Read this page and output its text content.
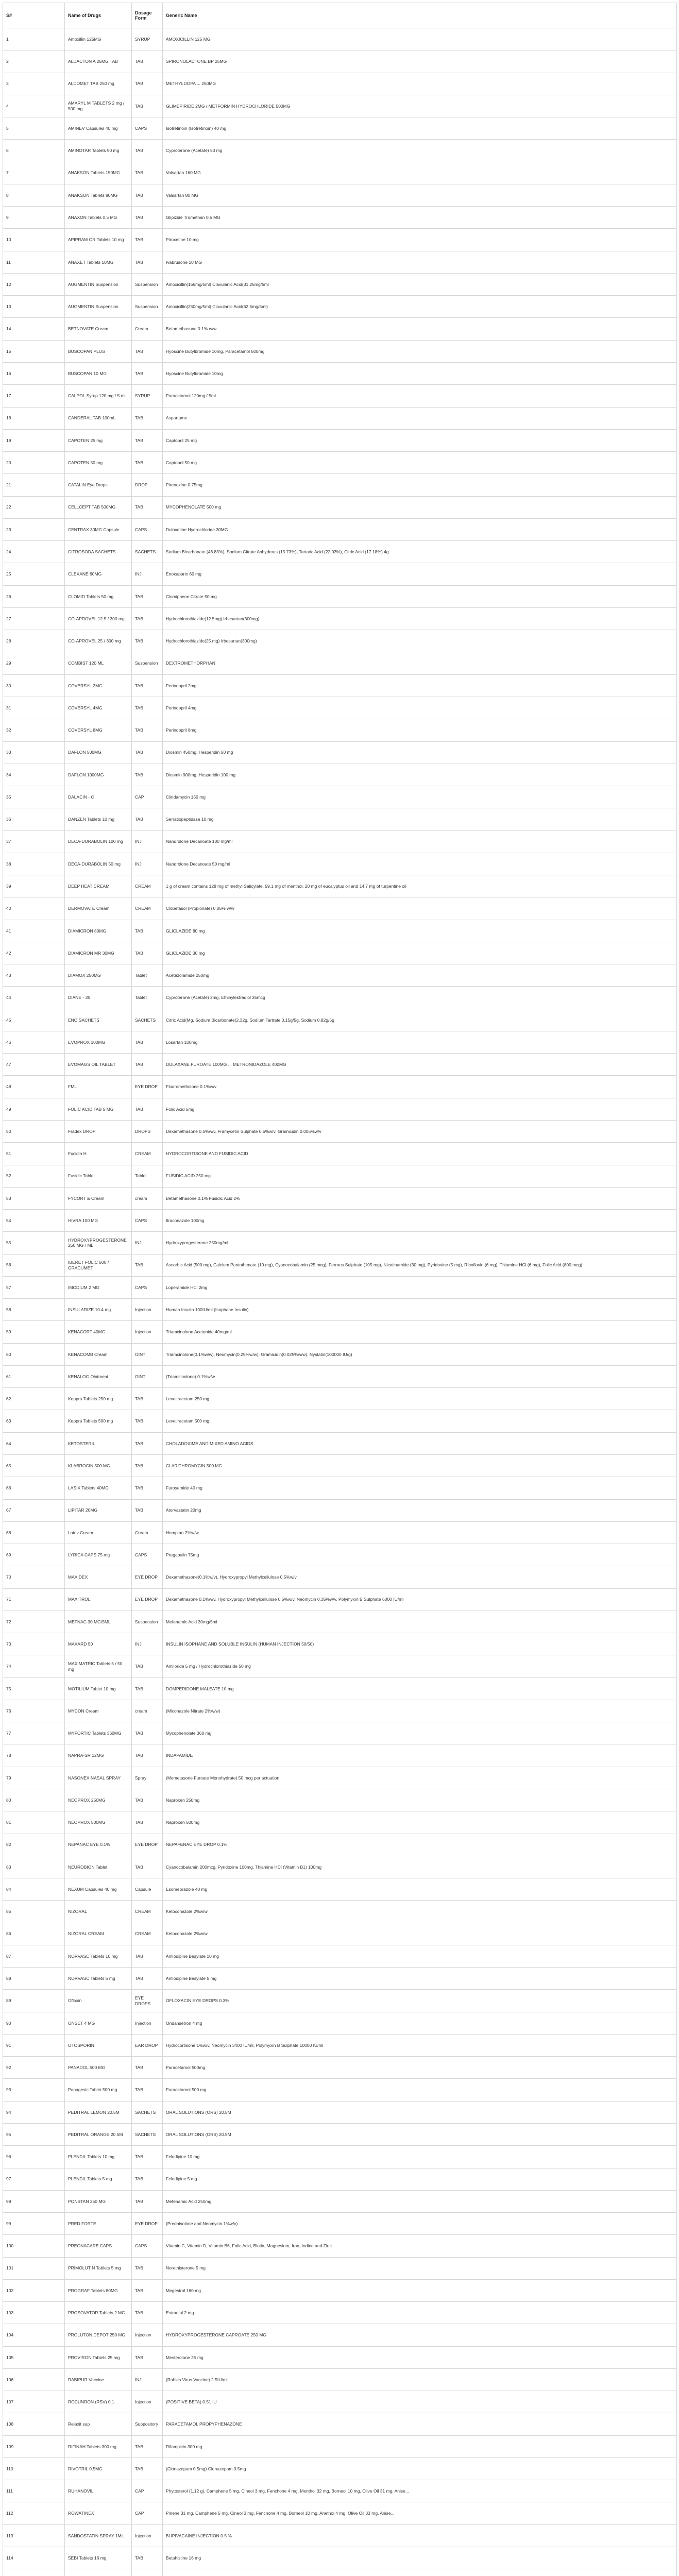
S#	Name of Drugs	Dosage Form	Generic Name
1	Amoxillin 125MG	SYRUP	AMOXICILLIN 125 MG
2	ALDACTON A 25MG TAB	TAB	SPIRONOLACTONE BP 25MG
3	ALDOMET TAB 250 mg	TAB	METHYLDOPA ... 250MG
4	AMARYL M TABLETS 2 mg / 500 mg	TAB	GLIMEPIRIDE 2MG / METFORMIN HYDROCHLORIDE 500MG
5	AMINEV Capsules 40 mg	CAPS	Isotretinoin (Isotretinoin) 40 mg
6	AMINOTAR Tablets 50 mg	TAB	Cyproterone (Acetate) 50 mg
7	ANAKSON Tablets 150MG	TAB	Valsartan 160 MG
8	ANAKSON Tablets 80MG	TAB	Valsartan 80 MG
9	ANAXON Tablets 0.5 MG	TAB	Glipizide Tromethan 0.5 MG
10	APIPRAM OR Tablets 10 mg	TAB	Piroxetine 10 mg
11	ANAXET Tablets 10MG	TAB	Ivabrusone 10 MG
12	AUGMENTIN Suspension	Suspension	Amoxicillin(156mg/5ml) Clavulanic Acid(31.25mg/5ml
13	AUGMENTIN Suspension	Suspension	Amoxicillin(250mg/5ml) Clavulanic Acid(62.5mg/5ml)
14	BETNOVATE Cream	Cream	Betamethasone 0.1% w/w
15	BUSCOPAN PLUS	TAB	Hyoscine Butylbromide 10mg, Paracetamol 500mg
16	BUSCOPAN 10 MG	TAB	Hyoscine Butylbromide 10mg
17	CALPOL Syrup 120 mg / 5 ml	SYRUP	Paracetamol 120mg / 5ml
18	CANDERAL TAB 100mL	TAB	Aspartame
19	CAPOTEN 25 mg	TAB	Captopril 25 mg
20	CAPOTEN 50 mg	TAB	Captopril 50 mg
21	CATALIN Eye Drops	DROP	Pirenoxine 0.75mg
22	CELLCEPT TAB 500MG	TAB	MYCOPHENOLATE 500 mg
23	CENTRAX 30MG Capsule	CAPS	Duloxetine Hydrochloride 30MG
24	CITROSODA SACHETS	SACHETS	Sodium Bicarbonate (46.83%), Sodium Citrate Anhydrous (15.73%), Tartaric Acid (22.03%), Citric Acid (17.18%) 4g
25	CLEXANE 60MG	INJ	Enoxaparin 60 mg
26	CLOMID Tablets 50 mg	TAB	Clomiphene Citrate 50 mg
27	CO-APROVEL 12.5 / 300 mg	TAB	Hydrochlorothiazide(12.5mg) Irbesartan(300mg)
28	CO-APROVEL 25 / 300 mg	TAB	Hydrochlorothiazide(25 mg) Irbesartan(300mg)
29	COMBIST 120 ML	Suspension	DEXTROMETHORPHAN
30	COVERSYL 2MG	TAB	Perindopril 2mg
31	COVERSYL 4MG	TAB	Perindopril 4mg
32	COVERSYL 8MG	TAB	Perindopril 8mg
33	DAFLON 500MG	TAB	Diosmin 450mg, Hesperidin 50 mg
34	DAFLON 1000MG	TAB	Diosmin 900mg, Hesperidin 100 mg
35	DALACIN - C	CAP	Clindamycin 150 mg
36	DANZEN Tablets 10 mg	TAB	Serratiopeptidase 10 mg
37	DECA-DURABOLIN 100 mg	INJ	Nandrolone Decanoate 100 mg/ml
38	DECA-DURABOLIN 50 mg	INJ	Nandrolone Decanoate 50 mg/ml
39	DEEP HEAT CREAM	CREAM	1 g of cream contains 128 mg of methyl Salicylate, 59.1 mg of menthol, 20 mg of eucalyptus oil and 14.7 mg of turpentine oil
40	DERMOVATE Cream	CREAM	Clobetasol (Propionate) 0.05% w/w
41	DIAMICRON 80MG	TAB	GLICLAZIDE 80 mg
42	DIAMICRON MR 30MG	TAB	GLICLAZIDE 30 mg
43	DIAMOX 250MG	Tablet	Acetazolamide 250mg
44	DIANE - 35	Tablet	Cyproterone (Acetate) 2mg, Ethinylestradiol 35mcg
45	ENO SACHETS	SACHETS	Citric Acid(Mg, Sodium Bicarbonate(2.32g, Sodium Tartrate 0.15g/5g, Sodium 0.82g/5g
46	EVOPROX 100MG	TAB	Losartan 100mg
47	EVOMAGS OIL TABLET	TAB	DULAXANE FUROATE 100MG ... METRONIDAZOLE 400MG
48	FML	EYE DROP	Fluorometholone 0.1%w/v
49	FOLIC ACID TAB 5 MG	TAB	Folic Acid 5mg
50	Fradex DROP	DROPS	Dexamethasone 0.5%w/v, Framycetin Sulphate 0.5%w/v, Gramicidin 0.005%w/v
51	Fucidin H	CREAM	HYDROCORTISONE AND FUSIDIC ACID
52	Fusidic Tablet	Tablet	FUSIDIC ACID 250 mg
53	FYCORT & Cream	cream	Betamethasone 0.1% Fusidic Acid 2%
54	HIVRA 100 MG	CAPS	Itraconazole 100mg
55	HYDROXYPROGESTERONE 250 MG / ML	INJ	Hydroxyprogesterone 250mg/ml
56	IBERET FOLIC 500 / GRADUMET	TAB	Ascorbic Acid (500 mg), Calcium Pantothenate (10 mg), Cyanocobalamin (25 mcg), Ferrous Sulphate (105 mg), Nicotinamide (30 mg), Pyridoxine (5 mg), Riboflavin (6 mg), Thiamine HCl (6 mg), Folic Acid (800 mcg)
57	IMODIUM 2 MG	CAPS	Loperamide HCl 2mg
58	INSULARIZE 10.4 mg	Injection	Human Insulin 100IU/ml (Isophane Insulin)
59	KENACORT 40MG	Injection	Triamcinolone Acetonide 40mg/ml
60	KENACOMB Cream	OINT	Triamcinolone(0.1%w/w), Neomycin(0.25%w/w), Gramicidin(0.025%w/w), Nystatin(100000 IU/g)
61	KENALOG Ointment	OINT	(Triamcinolone) 0.1%w/w
62	Keppra Tablets 250 mg	TAB	Levetiracetam 250 mg
63	Keppra Tablets 500 mg	TAB	Levetiracetam 500 mg
64	KETOSTERIL	TAB	CHOLADOXIME AND MIXED AMINO ACIDS
65	KLABROCIN 500 MG	TAB	CLARITHROMYCIN 500 MG
66	LASIX Tablets 40MG	TAB	Furosemide 40 mg
67	LIPITAR 20MG	TAB	Atorvastatin 20mg
68	Lotriv Cream	Cream	Hemptan 2%w/w
69	LYRICA CAPS 75 mg	CAPS	Pregabalin 75mg
70	MAXIDEX	EYE DROP	Dexamethasone(0.1%w/v), Hydroxypropyl Methylcellulose 0.5%w/v
71	MAXITROL	EYE DROP	Dexamethasone 0.1%w/v, Hydroxypropyl Methylcellulose 0.5%w/v, Neomycin 0.35%w/v, Polymyxin B Sulphate 6000 IU/ml
72	MEFNAC 30 MG/5ML	Suspension	Mefenamic Acid 30mg/5ml
73	MAXARD 50	INJ	INSULIN ISOPHANE AND SOLUBLE INSULIN (HUMAN INJECTION 50/50)
74	MAXIMATRIC Tablets 5 / 50 mg	TAB	Amiloride 5 mg / Hydrochlorothiazide 50 mg
75	MOTILIUM Tablet 10 mg	TAB	DOMPERIDONE MALEATE 10 mg
76	MYCON Cream	cream	(Miconazole Nitrate 2%w/w)
77	MYFORTIC Tablets 360MG	TAB	Mycophenolate 360 mg
78	NAPRA-SR 12MG	TAB	INDAPAMIDE
79	NASONEX NASAL SPRAY	Spray	(Mometasone Furoate Monohydrate) 50 mcg per actuation
80	NEOPROX 250MG	TAB	Naproxen 250mg
81	NEOPROX 500MG	TAB	Naproxen 500mg
82	NEPANAC EYE 0.1%	EYE DROP	NEPAFENAC EYE DROP 0.1%
83	NEUROBION Tablet	TAB	Cyanocobalamin 200mcg, Pyridoxine 100mg, Thiamine HCl (Vitamin B1) 100mg
84	NEXUM Capsules 40 mg	Capsule	Esomeprazole 40 mg
85	NIZORAL	CREAM	Ketoconazole 2%w/w
86	NIZORAL CREAM	CREAM	Ketoconazole 2%w/w
87	NORVASC Tablets 10 mg	TAB	Amlodipine Besylate 10 mg
88	NORVASC Tablets 5 mg	TAB	Amlodipine Besylate 5 mg
89	Ofloxin	EYE DROPS	OFLOXACIN EYE DROPS 0.3%
90	ONSET 4 MG	Injection	Ondansetron 4 mg
91	OTOSPORIN	EAR DROP	Hydrocortisone 1%w/v, Neomycin 3400 IU/ml, Polymyxin B Sulphate 10000 IU/ml
92	PANADOL 500 MG	TAB	Paracetamol 500mg
93	Panagesic Tablet 500 mg	TAB	Paracetamol 500 mg
94	PEDITRAL LEMON 20.5M	SACHETS	ORAL SOLUTIONS (ORS) 20.5M
95	PEDITRAL ORANGE 20.5M	SACHETS	ORAL SOLUTIONS (ORS) 20.5M
96	PLENDIL Tablets 10 mg	TAB	Felodipine 10 mg
97	PLENDIL Tablets 5 mg	TAB	Felodipine 5 mg
98	PONSTAN 250 MG	TAB	Mefenamic Acid 250mg
99	PRED FORTE	EYE DROP	(Prednisolone and Neomycin 1%w/v)
100	PREGNACARE CAPS	CAPS	Vitamin C, Vitamin D, Vitamin B6, Folic Acid, Biotin, Magnesium, Iron, Iodine and Zinc
101	PRIMOLUT N Tablets 5 mg	TAB	Norethisterone 5 mg
102	PROGRAF Tablets 80MG	TAB	Megestrol 160 mg
103	PROSOVATOR Tablets 2 MG	TAB	Estradiol 2 mg
104	PROLUTON DEPOT 250 MG	Injection	HYDROXYPROGESTERONE CAPROATE 250 MG
105	PROVIRON Tablets 25 mg	TAB	Mesterolone 25 mg
106	RABIPUR Vaccine	INJ	(Rabies Virus Vaccine) 2.5IU/ml
107	ROCUNRON (RSV) 0.1	Injection	(POSITIVE BETA) 0.51 IU
108	Relaxit sup	Suppository	PARACETAMOL PROPYPHENAZONE
109	RIFINAH Tablets 300 mg	TAB	Rifampicin 300 mg
110	RIVOTRIL 0.5MG	TAB	(Clonazepam 0.5mg) Clonazepam 0.5mg
111	RUHANOVIL	CAP	Phytosterol (1.12 g), Camphene 5 mg, Cineol 3 mg, Fenchone 4 mg, Menthol 32 mg, Borneol 10 mg, Olive Oil 31 mg, Anise...
112	ROWATINEX	CAP	Pinene 31 mg, Camphene 5 mg, Cineol 3 mg, Fenchone 4 mg, Borneol 10 mg, Anethol 4 mg, Olive Oil 33 mg, Anise...
113	SANDOSTATIN SPRAY 1ML	Injection	BUPIVACAINE INJECTION 0.5 %
114	SEBI Tablets 16 mg	TAB	Betahistine 16 mg
